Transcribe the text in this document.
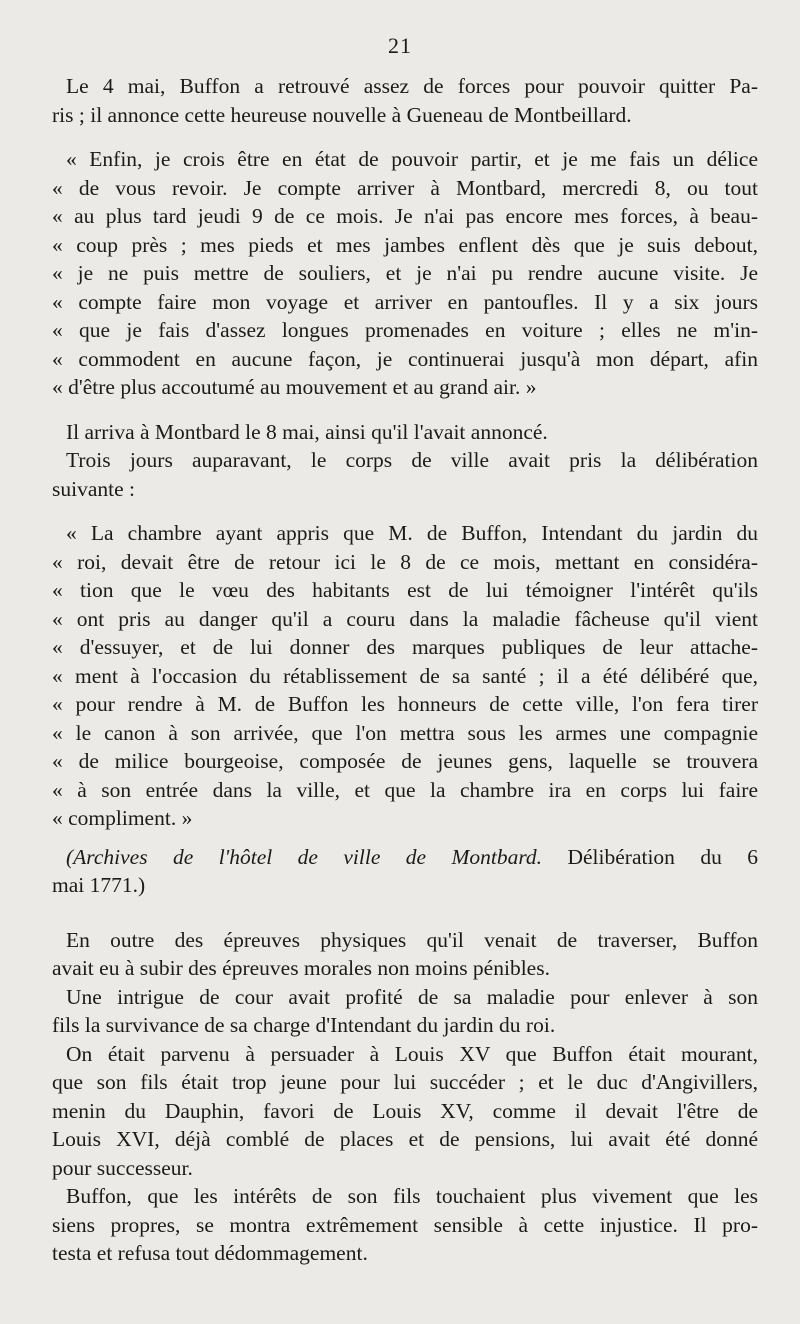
21
Le 4 mai, Buffon a retrouvé assez de forces pour pouvoir quitter Pa-
ris ; il annonce cette heureuse nouvelle à Gueneau de Montbeillard.
« Enfin, je crois être en état de pouvoir partir, et je me fais un délice
« de vous revoir. Je compte arriver à Montbard, mercredi 8, ou tout
« au plus tard jeudi 9 de ce mois. Je n'ai pas encore mes forces, à beau-
« coup près ; mes pieds et mes jambes enflent dès que je suis debout,
« je ne puis mettre de souliers, et je n'ai pu rendre aucune visite. Je
« compte faire mon voyage et arriver en pantoufles. Il y a six jours
« que je fais d'assez longues promenades en voiture ; elles ne m'in-
« commodent en aucune façon, je continuerai jusqu'à mon départ, afin
« d'être plus accoutumé au mouvement et au grand air. »
Il arriva à Montbard le 8 mai, ainsi qu'il l'avait annoncé.
Trois jours auparavant, le corps de ville avait pris la délibération
suivante :
« La chambre ayant appris que M. de Buffon, Intendant du jardin du
« roi, devait être de retour ici le 8 de ce mois, mettant en considéra-
« tion que le vœu des habitants est de lui témoigner l'intérêt qu'ils
« ont pris au danger qu'il a couru dans la maladie fâcheuse qu'il vient
« d'essuyer, et de lui donner des marques publiques de leur attache-
« ment à l'occasion du rétablissement de sa santé ; il a été délibéré que,
« pour rendre à M. de Buffon les honneurs de cette ville, l'on fera tirer
« le canon à son arrivée, que l'on mettra sous les armes une compagnie
« de milice bourgeoise, composée de jeunes gens, laquelle se trouvera
« à son entrée dans la ville, et que la chambre ira en corps lui faire
« compliment. »
(Archives de l'hôtel de ville de Montbard. Délibération du 6
mai 1771.)
En outre des épreuves physiques qu'il venait de traverser, Buffon
avait eu à subir des épreuves morales non moins pénibles.
Une intrigue de cour avait profité de sa maladie pour enlever à son
fils la survivance de sa charge d'Intendant du jardin du roi.
On était parvenu à persuader à Louis XV que Buffon était mourant,
que son fils était trop jeune pour lui succéder ; et le duc d'Angivillers,
menin du Dauphin, favori de Louis XV, comme il devait l'être de
Louis XVI, déjà comblé de places et de pensions, lui avait été donné
pour successeur.
Buffon, que les intérêts de son fils touchaient plus vivement que les
siens propres, se montra extrêmement sensible à cette injustice. Il pro-
testa et refusa tout dédommagement.
